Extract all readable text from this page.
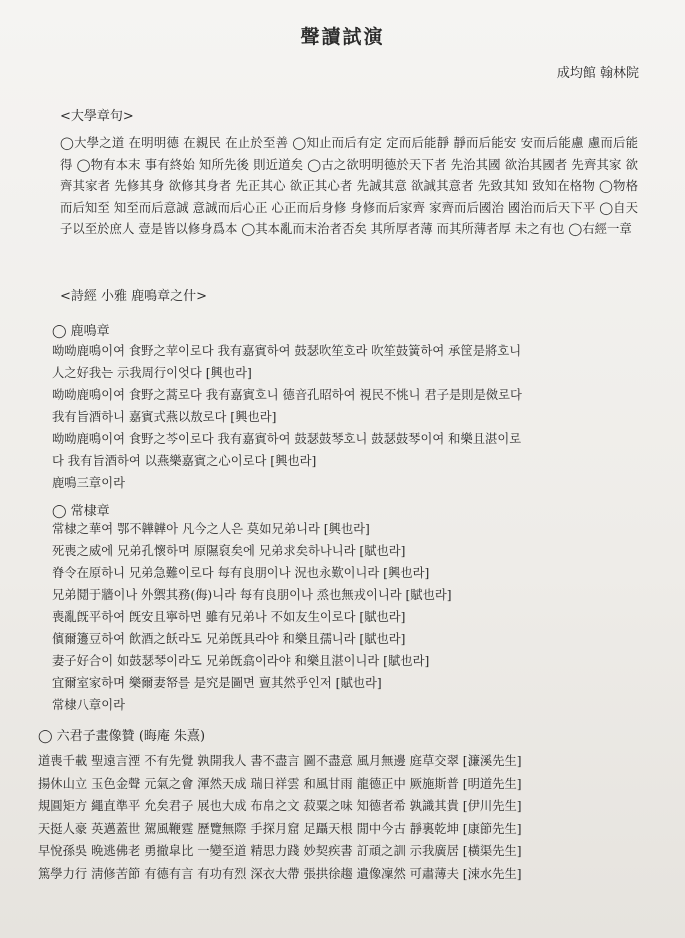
聲讀試演
成均館 翰林院
<大學章句>
◯大學之道 在明明德 在親民 在止於至善 ◯知止而后有定 定而后能靜 靜而后能安 安而后能慮 慮而后能得 ◯物有本末 事有終始 知所先後 則近道矣 ◯古之欲明明德於天下者 先治其國 欲治其國者 先齊其家 欲齊其家者 先修其身 欲修其身者 先正其心 欲正其心者 先誠其意 欲誠其意者 先致其知 致知在格物 ◯物格而后知至 知至而后意誠 意誠而后心正 心正而后身修 身修而后家齊 家齊而后國治 國治而后天下平 ◯自天子以至於庶人 壹是皆以修身爲本 ◯其本亂而末治者否矣 其所厚者薄 而其所薄者厚 未之有也 ◯右經一章
<詩經 小雅 鹿鳴章之什>
◯ 鹿鳴章
呦呦鹿鳴이여 食野之苹이로다 我有嘉賓하여 鼓瑟吹笙호라 吹笙鼓簧하여 承筐是將호니
人之好我는 示我周行이엇다 [興也라]
呦呦鹿鳴이여 食野之蒿로다 我有嘉賓호니 德音孔昭하여 視民不恌니 君子是則是傚로다
我有旨酒하니 嘉賓式燕以敖로다 [興也라]
呦呦鹿鳴이여 食野之芩이로다 我有嘉賓하여 鼓瑟鼓琴호니 鼓瑟鼓琴이여 和樂且湛이로
다 我有旨酒하여 以燕樂嘉賓之心이로다 [興也라]
鹿鳴三章이라
◯ 常棣章
常棣之華여 鄂不韡韡아 凡今之人은 莫如兄弟니라 [興也라]
死喪之威에 兄弟孔懷하며 原隰裒矣에 兄弟求矣하나니라 [賦也라]
脊令在原하니 兄弟急難이로다 每有良朋이나 況也永歎이니라 [興也라]
兄弟鬩于牆이나 外禦其務(侮)니라 每有良朋이나 烝也無戎이니라 [賦也라]
喪亂旣平하여 旣安且寧하면 雖有兄弟나 不如友生이로다 [賦也라]
儐爾籩豆하여 飮酒之飫라도 兄弟旣具라야 和樂且孺니라 [賦也라]
妻子好合이 如鼓瑟琴이라도 兄弟旣翕이라야 和樂且湛이니라 [賦也라]
宜爾室家하며 樂爾妻帑를 是究是圖면 亶其然乎인저 [賦也라]
常棣八章이라
◯ 六君子畫像贊 (晦庵 朱熹)
道喪千載 聖遠言湮 不有先覺 孰開我人 書不盡言 圖不盡意 風月無邊 庭草交翠 [濂溪先生]
揚休山立 玉色金聲 元氣之會 渾然天成 瑞日祥雲 和風甘雨 龍德正中 厥施斯普 [明道先生]
規圓矩方 繩直準平 允矣君子 展也大成 布帛之文 菽粟之味 知德者希 孰識其貴 [伊川先生]
天挺人豪 英邁蓋世 駕風鞭霆 歷覽無際 手探月窟 足躡天根 閒中今古 靜裏乾坤 [康節先生]
早悅孫吳 晩逃佛老 勇撤皐比 一變至道 精思力踐 妙契疾書 訂頑之訓 示我廣居 [橫渠先生]
篤學力行 淸修苦節 有德有言 有功有烈 深衣大帶 張拱徐趨 遺像凜然 可肅薄夫 [涑水先生]
